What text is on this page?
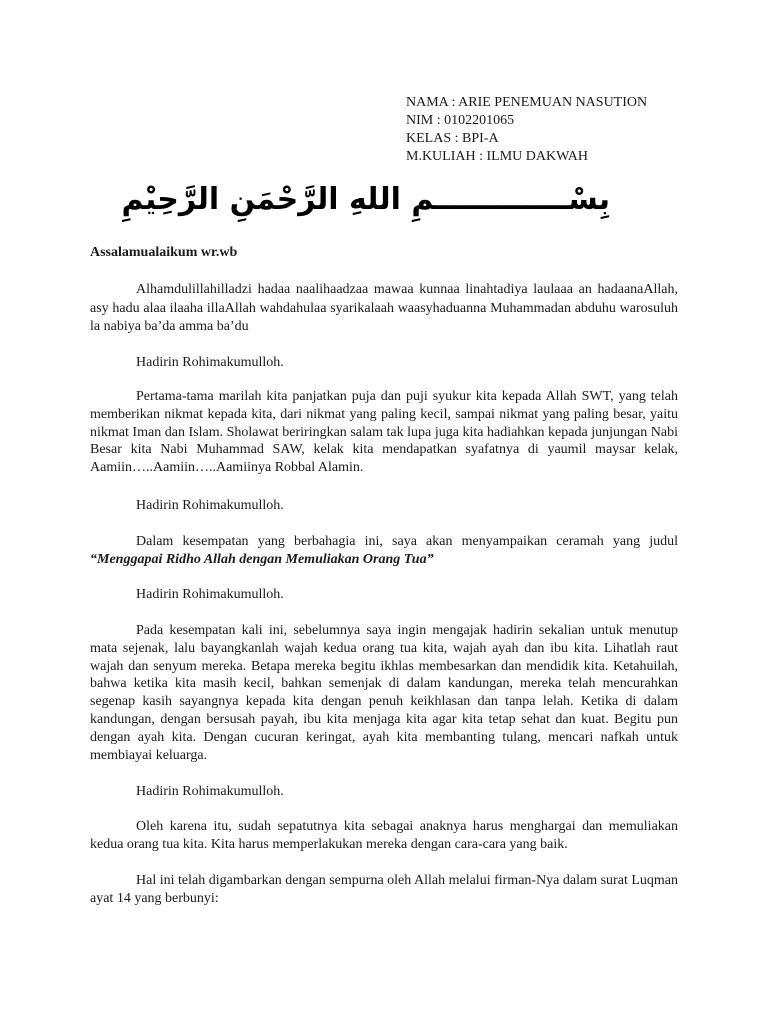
NAMA : ARIE PENEMUAN NASUTION
NIM : 0102201065
KELAS : BPI-A
M.KULIAH : ILMU DAKWAH
بِسْـــــــــــــمِ اللهِ الرَّحْمَنِ الرَّحِيْمِ
Assalamualaikum wr.wb

Alhamdulillahilladzi hadaa naalihaadzaa mawaa kunnaa linahtadiya laulaaa an hadaanaAllah, asy hadu alaa ilaaha illaAllah wahdahulaa syarikalaah waasyhaduanna Muhammadan abduhu warosuluh la nabiya ba’da amma ba’du

Hadirin Rohimakumulloh.

Pertama-tama marilah kita panjatkan puja dan puji syukur kita kepada Allah SWT, yang telah memberikan nikmat kepada kita, dari nikmat yang paling kecil, sampai nikmat yang paling besar, yaitu nikmat Iman dan Islam. Sholawat beriringkan salam tak lupa juga kita hadiahkan kepada junjungan Nabi Besar kita Nabi Muhammad SAW, kelak kita mendapatkan syafatnya di yaumil maysar kelak, Aamiin…..Aamiin…..Aamiinya Robbal Alamin.

Hadirin Rohimakumulloh.

Dalam kesempatan yang berbahagia ini, saya akan menyampaikan ceramah yang judul “Menggapai Ridho Allah dengan Memuliakan Orang Tua”

Hadirin Rohimakumulloh.

Pada kesempatan kali ini, sebelumnya saya ingin mengajak hadirin sekalian untuk menutup mata sejenak, lalu bayangkanlah wajah kedua orang tua kita, wajah ayah dan ibu kita. Lihatlah raut wajah dan senyum mereka. Betapa mereka begitu ikhlas membesarkan dan mendidik kita. Ketahuilah, bahwa ketika kita masih kecil, bahkan semenjak di dalam kandungan, mereka telah mencurahkan segenap kasih sayangnya kepada kita dengan penuh keikhlasan dan tanpa lelah. Ketika di dalam kandungan, dengan bersusah payah, ibu kita menjaga kita agar kita tetap sehat dan kuat. Begitu pun dengan ayah kita. Dengan cucuran keringat, ayah kita membanting tulang, mencari nafkah untuk membiayai keluarga.

Hadirin Rohimakumulloh.

Oleh karena itu, sudah sepatutnya kita sebagai anaknya harus menghargai dan memuliakan kedua orang tua kita. Kita harus memperlakukan mereka dengan cara-cara yang baik.

Hal ini telah digambarkan dengan sempurna oleh Allah melalui firman-Nya dalam surat Luqman ayat 14 yang berbunyi:
